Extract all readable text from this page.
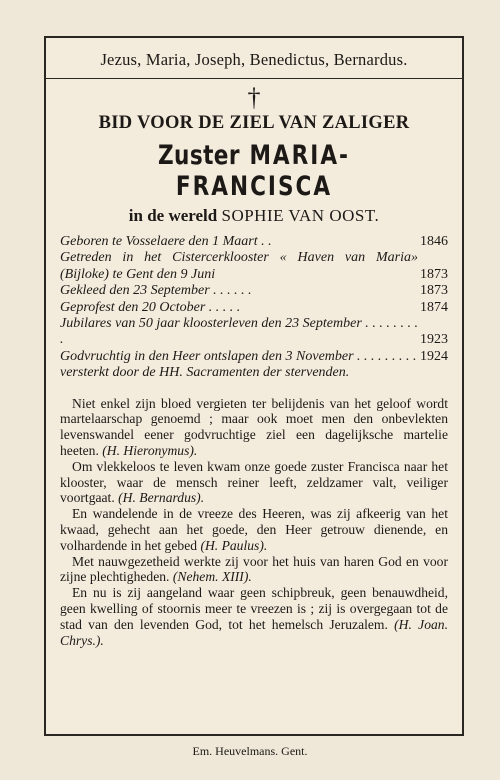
Jezus, Maria, Joseph, Benedictus, Bernardus.
†
BID VOOR DE ZIEL VAN ZALIGER
Zuster MARIA-FRANCISCA
in de wereld SOPHIE VAN OOST.
Geboren te Vosselaere den 1 Maart . .	1846
Getreden in het Cistercerklooster « Haven van Maria» (Bijloke) te Gent den 9 Juni	1873
Gekleed den 23 September . . . . . .	1873
Geprofest den 20 October . . . . .	1874
Jubilares van 50 jaar kloosterleven den 23 September . . . . . . . . .	1923
Godvruchtig in den Heer ontslapen den 3 November . . . . . . . . . 1924
versterkt door de HH. Sacramenten der stervenden.

Niet enkel zijn bloed vergieten ter belijdenis van het geloof wordt martelaarschap genoemd ; maar ook moet men den onbevlekten levenswandel eener godvruchtige ziel een dagelijksche martelie heeten. (H. Hieronymus).

Om vlekkeloos te leven kwam onze goede zuster Francisca naar het klooster, waar de mensch reiner leeft, zeldzamer valt, veiliger voortgaat. (H. Bernardus).

En wandelende in de vreeze des Heeren, was zij afkeerig van het kwaad, gehecht aan het goede, den Heer getrouw dienende, en volhardende in het gebed (H. Paulus).

Met nauwgezetheid werkte zij voor het huis van haren God en voor zijne plechtigheden. (Nehem. XIII).

En nu is zij aangeland waar geen schipbreuk, geen benauwdheid, geen kwelling of stoornis meer te vreezen is ; zij is overgegaan tot de stad van den levenden God, tot het hemelsch Jeruzalem. (H. Joan. Chrys.).

Em. Heuvelmans. Gent.
